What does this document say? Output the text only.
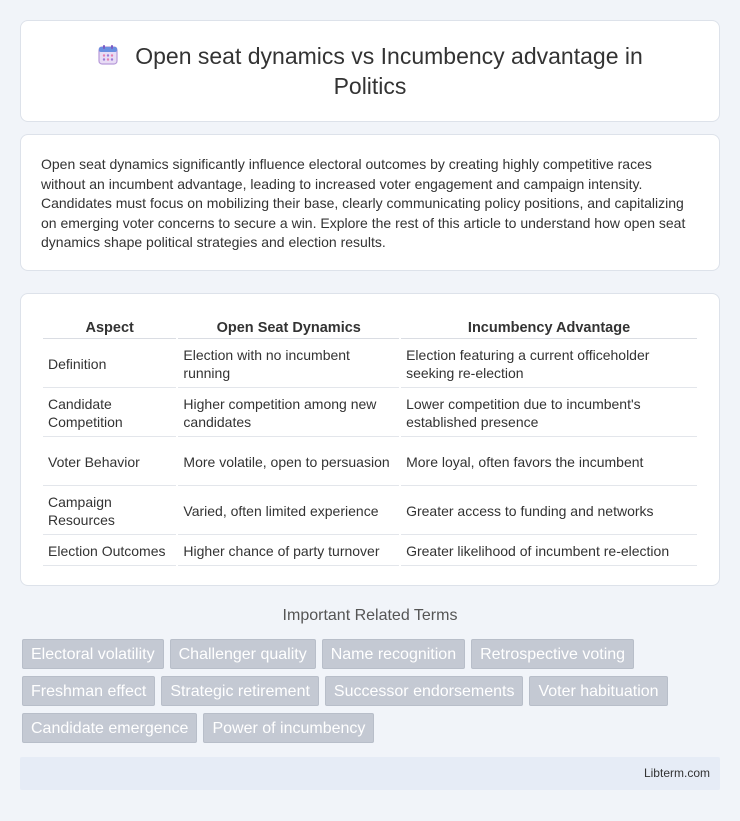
Open seat dynamics vs Incumbency advantage in Politics

Open seat dynamics significantly influence electoral outcomes by creating highly competitive races without an incumbent advantage, leading to increased voter engagement and campaign intensity. Candidates must focus on mobilizing their base, clearly communicating policy positions, and capitalizing on emerging voter concerns to secure a win. Explore the rest of this article to understand how open seat dynamics shape political strategies and election results.

Aspect	Open Seat Dynamics	Incumbency Advantage
Definition	Election with no incumbent running	Election featuring a current officeholder seeking re-election
Candidate Competition	Higher competition among new candidates	Lower competition due to incumbent's established presence
Voter Behavior	More volatile, open to persuasion	More loyal, often favors the incumbent
Campaign Resources	Varied, often limited experience	Greater access to funding and networks
Election Outcomes	Higher chance of party turnover	Greater likelihood of incumbent re-election
Important Related Terms
Electoral volatility	Challenger quality	Name recognition	Retrospective voting
Freshman effect	Strategic retirement	Successor endorsements	Voter habituation
Candidate emergence	Power of incumbency
Libterm.com
